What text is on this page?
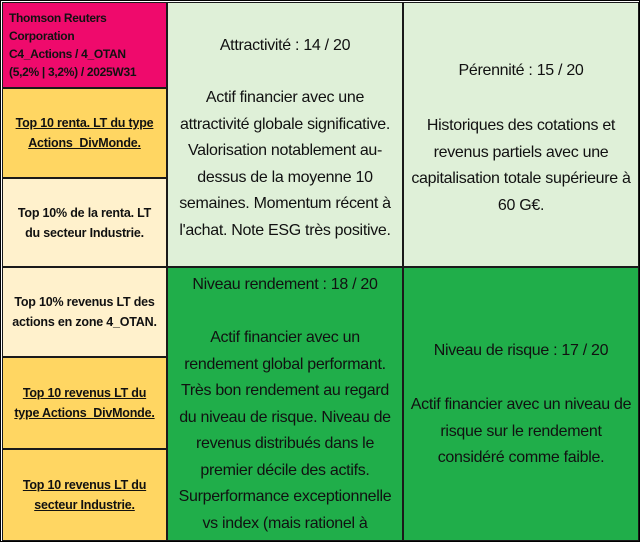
Thomson Reuters Corporation
C4_Actions / 4_OTAN
(5,2% | 3,2%) / 2025W31
Top 10 renta. LT du type Actions_DivMonde.
Top 10% de la renta. LT du secteur Industrie.
Top 10% revenus LT des actions en zone 4_OTAN.
Top 10 revenus LT du type Actions_DivMonde.
Top 10 revenus LT du secteur Industrie.
Attractivité : 14 / 20
Actif financier avec une attractivité globale significative. Valorisation notablement au-dessus de la moyenne 10 semaines. Momentum récent à l'achat. Note ESG très positive.
Pérennité : 15 / 20
Historiques des cotations et revenus partiels avec une capitalisation totale supérieure à 60 G€.
Niveau rendement : 18 / 20
Actif financier avec un rendement global performant. Très bon rendement au regard du niveau de risque. Niveau de revenus distribués dans le premier décile des actifs. Surperformance exceptionnelle vs index (mais rationel à
Niveau de risque : 17 / 20
Actif financier avec un niveau de risque sur le rendement considéré comme faible.
